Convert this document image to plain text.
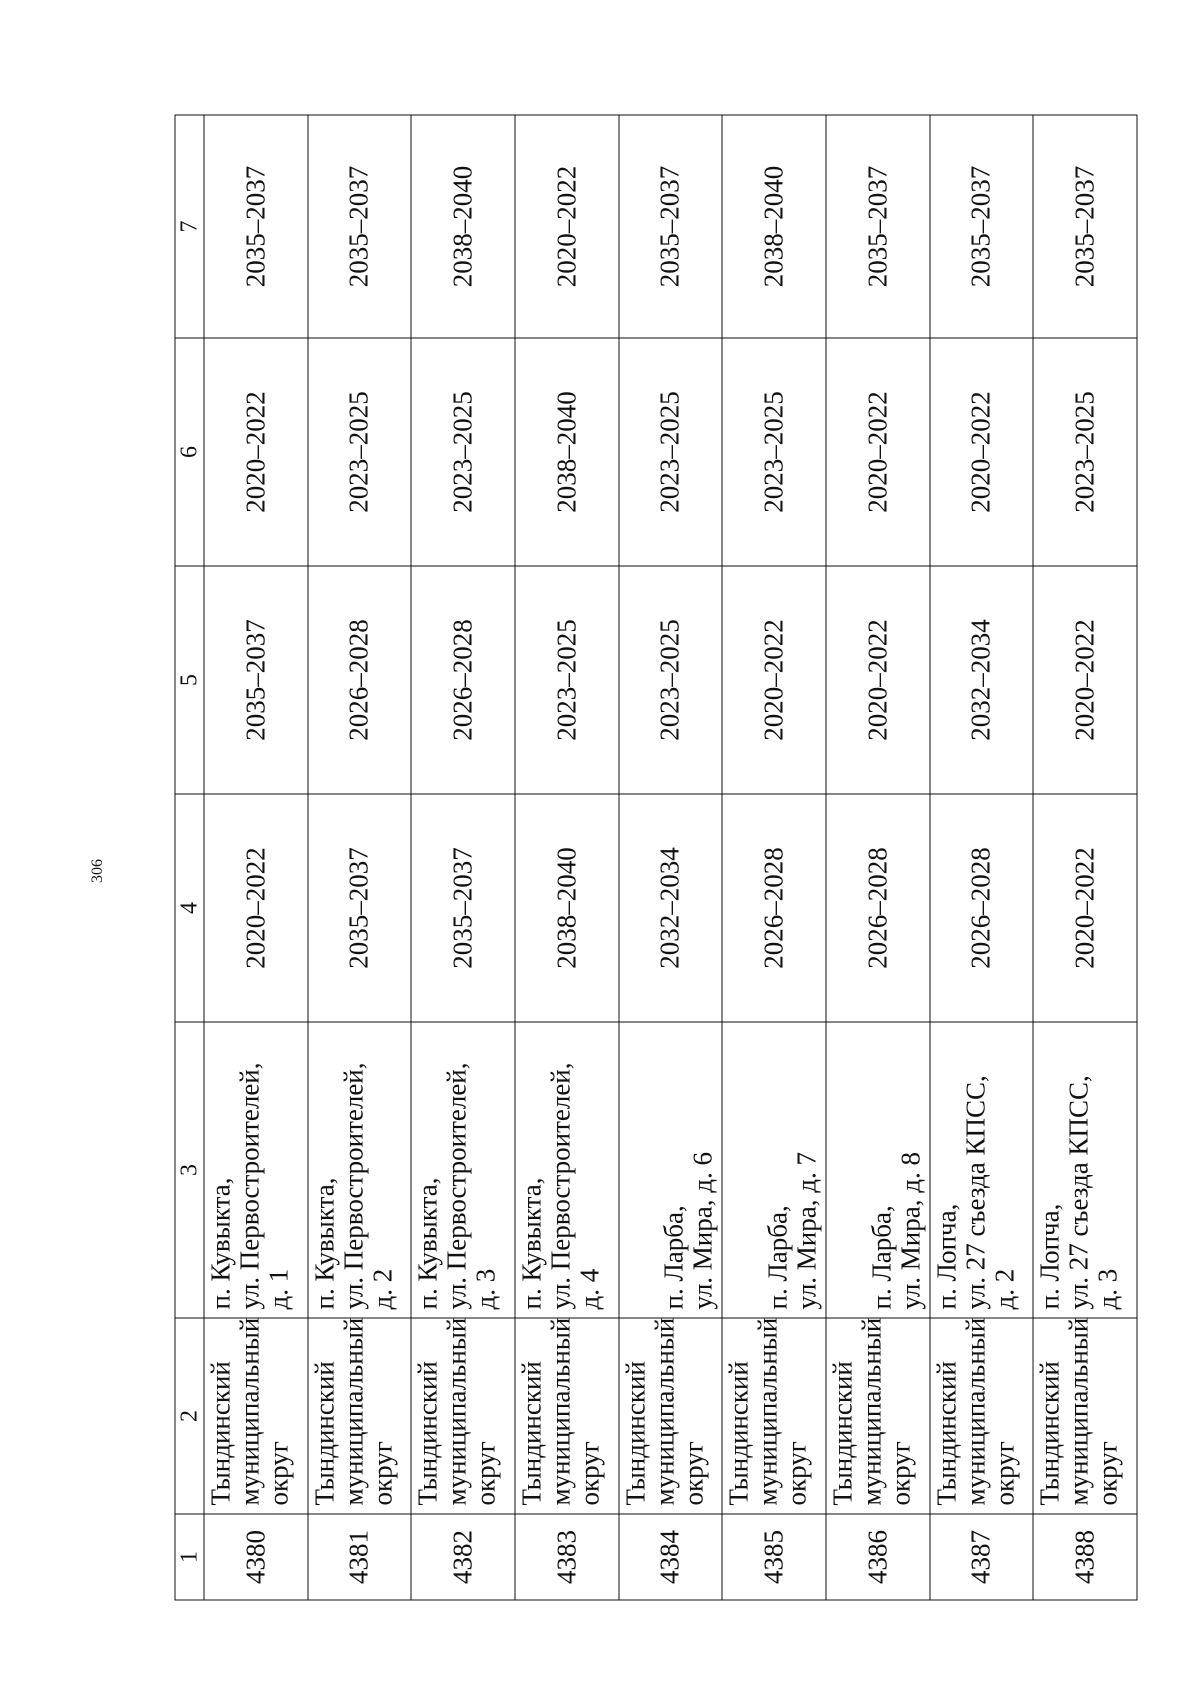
306
1	2	3	4	5	6	7
4380	Тындинский муниципальный округ	п. Кувыкта, ул. Первостроителей, д. 1	2020–2022	2035–2037	2020–2022	2035–2037
4381	Тындинский муниципальный округ	п. Кувыкта, ул. Первостроителей, д. 2	2035–2037	2026–2028	2023–2025	2035–2037
4382	Тындинский муниципальный округ	п. Кувыкта, ул. Первостроителей, д. 3	2035–2037	2026–2028	2023–2025	2038–2040
4383	Тындинский муниципальный округ	п. Кувыкта, ул. Первостроителей, д. 4	2038–2040	2023–2025	2038–2040	2020–2022
4384	Тындинский муниципальный округ	п. Ларба, ул. Мира, д. 6	2032–2034	2023–2025	2023–2025	2035–2037
4385	Тындинский муниципальный округ	п. Ларба, ул. Мира, д. 7	2026–2028	2020–2022	2023–2025	2038–2040
4386	Тындинский муниципальный округ	п. Ларба, ул. Мира, д. 8	2026–2028	2020–2022	2020–2022	2035–2037
4387	Тындинский муниципальный округ	п. Лопча, ул. 27 съезда КПСС, д. 2	2026–2028	2032–2034	2020–2022	2035–2037
4388	Тындинский муниципальный округ	п. Лопча, ул. 27 съезда КПСС, д. 3	2020–2022	2020–2022	2023–2025	2035–2037
